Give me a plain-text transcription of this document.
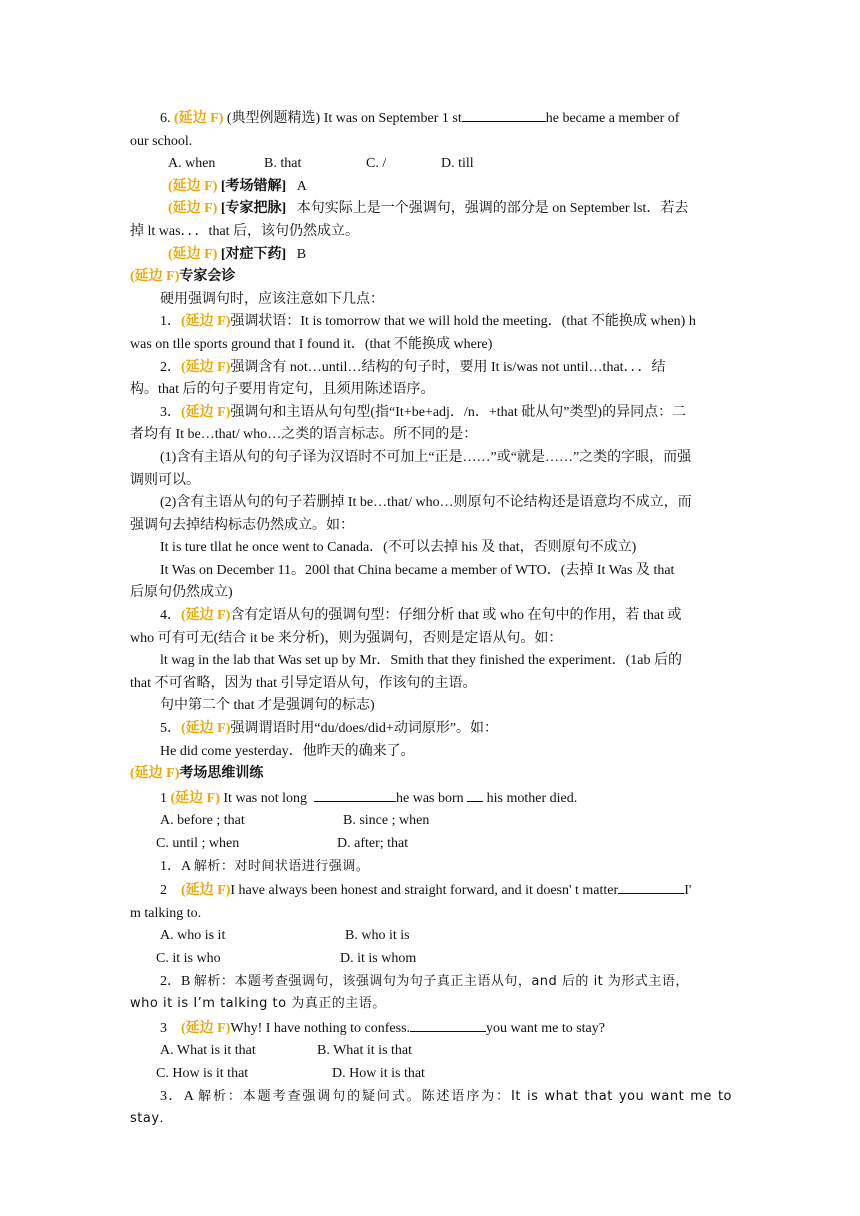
6. (延边 F) (典型例题精选) It was on September 1 st	he became a member of

our school.

A. when	B. that	C. /	D. till

(延边 F) [考场错解] A

(延边 F) [专家把脉] 本句实际上是一个强调句，强调的部分是 on September lst．若去

掉 lt was．．．that 后，该句仍然成立。

(延边 F) [对症下药] B

(延边 F)专家会诊

硬用强调句时，应该注意如下几点：

1．(延边 F)强调状语：It is tomorrow that we will hold the meeting．(that 不能换成 when) h

was on tlle sports ground that I found it．(that 不能换成 where)

2．(延边 F)强调含有 not…until…结构的句子时，要用 It is/was not until…that．．．结

构。that 后的句子要用肯定句，且须用陈述语序。

3．(延边 F)强调句和主语从句句型(指“It+be+adj．/n．+that 砒从句”类型)的异同点：二

者均有 It be…that/ who…之类的语言标志。所不同的是：

(1)含有主语从句的句子译为汉语时不可加上“正是……”或“就是……”之类的字眼，而强

调则可以。

(2)含有主语从句的句子若删掉 It be…that/ who…则原句不论结构还是语意均不成立，而

强调句去掉结构标志仍然成立。如：

It is ture tllat he once went to Canada．(不可以去掉 his 及 that，否则原句不成立)

It Was on December 11。200l that China became a member of WTO．(去掉 It Was 及 that

后原句仍然成立)

4．(延边 F)含有定语从句的强调句型：仔细分析 that 或 who 在句中的作用，若 that 或

who 可有可无(结合 it be 来分析)，则为强调句，否则是定语从句。如：

lt wag in the lab that Was set up by Mr．Smith that they finished the experiment．(1ab 后的

that 不可省略，因为 that 引导定语从句，作该句的主语。

句中第二个 that 才是强调句的标志)

5．(延边 F)强调谓语时用“du/does/did+动词原形”。如：

He did come yesterday．他昨天的确来了。

(延边 F)考场思维训练

1 (延边 F) It was not long	he was born his mother died.

A. before ; that	B. since ; when
C. until ; when	D. after; that

1．A 解析：对时间状语进行强调。

2 (延边 F)I have always been honest and straight forward, and it doesn' t matter	I'

m talking to.

A. who is it	B. who it is
C. it is who	D. it is whom

2．B 解析：本题考查强调句，该强调句为句子真正主语从句，and 后的 it 为形式主语，

who it is I’m talking to 为真正的主语。

3 (延边 F)Why! I have nothing to confess.	you want me to stay?

A. What is it that	B. What it is that
C. How is it that	D. How it is that

3．A 解析：本题考查强调句的疑问式。陈述语序为：It is what that you want me to stay．
